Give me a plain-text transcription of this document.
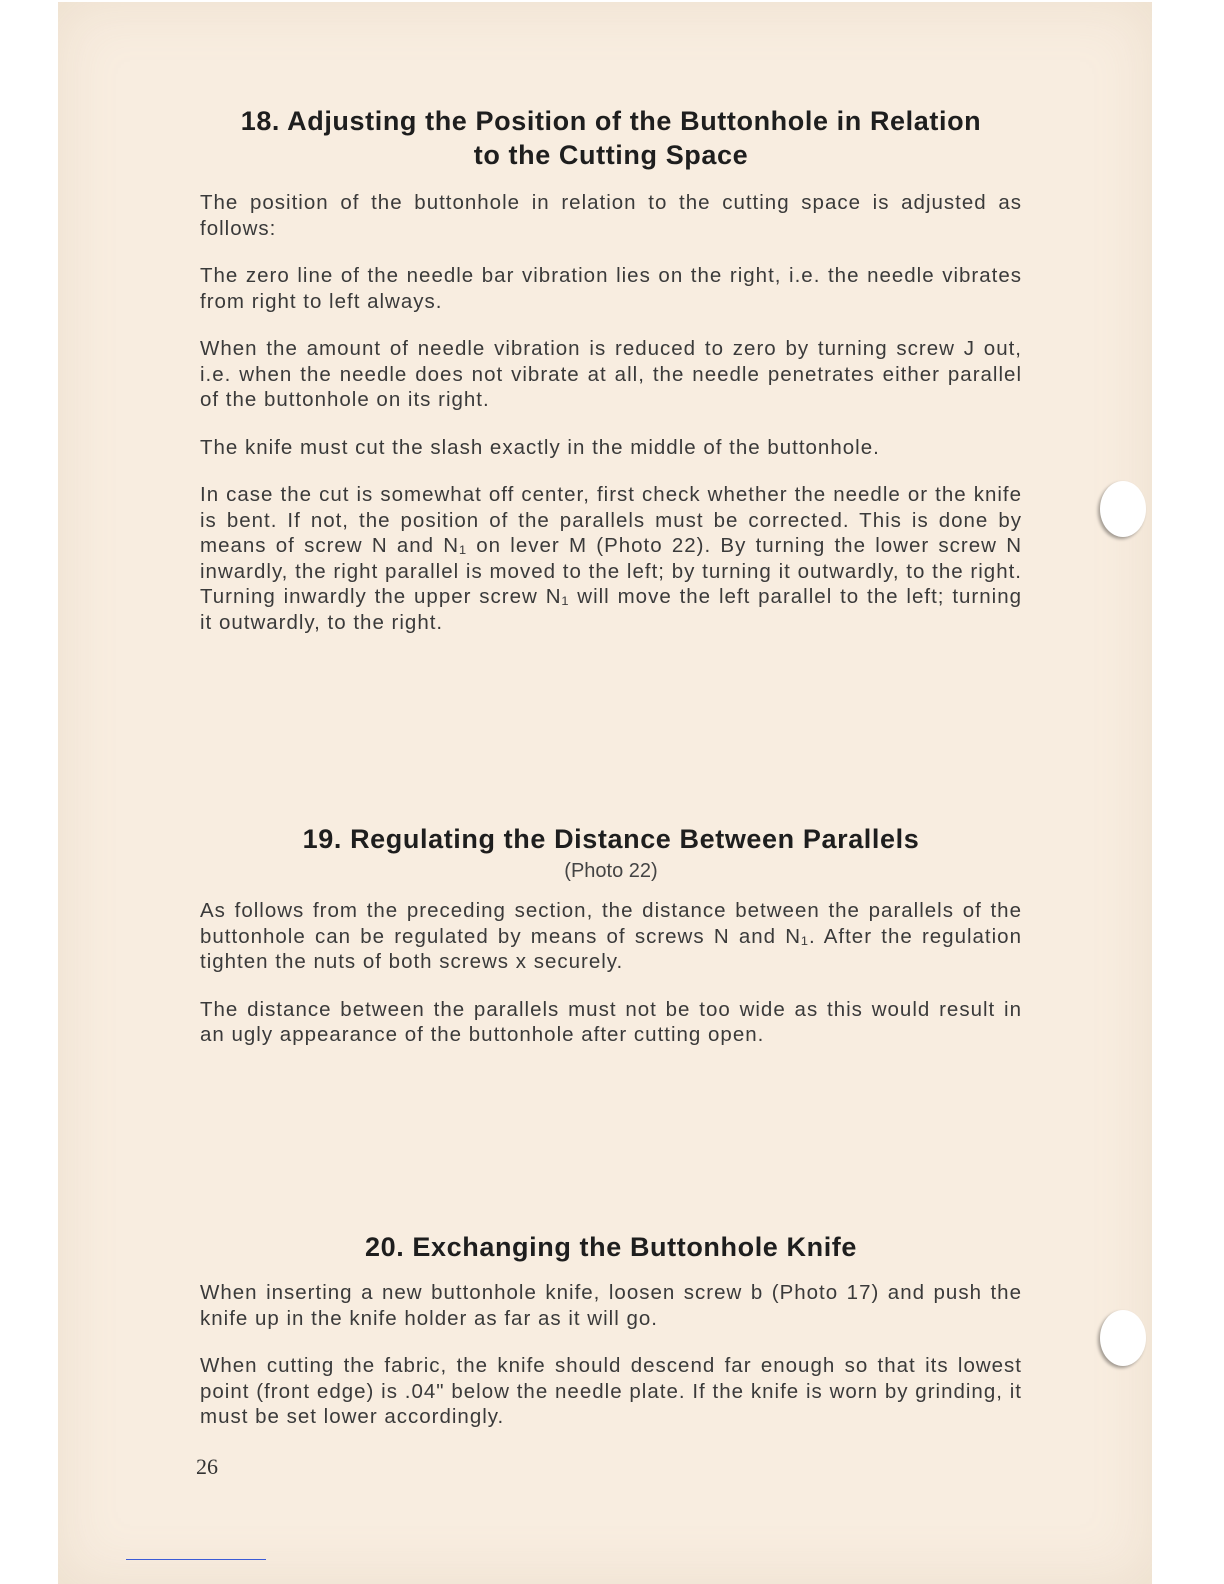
18. Adjusting the Position of the Buttonhole in Relation
to the Cutting Space

The position of the buttonhole in relation to the cutting space is adjusted as follows:

The zero line of the needle bar vibration lies on the right, i.e. the needle vibrates from right to left always.

When the amount of needle vibration is reduced to zero by turning screw J out, i.e. when the needle does not vibrate at all, the needle penetrates either parallel of the buttonhole on its right.

The knife must cut the slash exactly in the middle of the buttonhole.

In case the cut is somewhat off center, first check whether the needle or the knife is bent. If not, the position of the parallels must be corrected. This is done by means of screw N and N₁ on lever M (Photo 22). By turning the lower screw N inwardly, the right parallel is moved to the left; by turning it outwardly, to the right. Turning inwardly the upper screw N₁ will move the left parallel to the left; turning it outwardly, to the right.

19. Regulating the Distance Between Parallels
(Photo 22)

As follows from the preceding section, the distance between the parallels of the buttonhole can be regulated by means of screws N and N₁. After the regulation tighten the nuts of both screws x securely.

The distance between the parallels must not be too wide as this would result in an ugly appearance of the buttonhole after cutting open.

20. Exchanging the Buttonhole Knife

When inserting a new buttonhole knife, loosen screw b (Photo 17) and push the knife up in the knife holder as far as it will go.

When cutting the fabric, the knife should descend far enough so that its lowest point (front edge) is .04" below the needle plate. If the knife is worn by grinding, it must be set lower accordingly.

26
